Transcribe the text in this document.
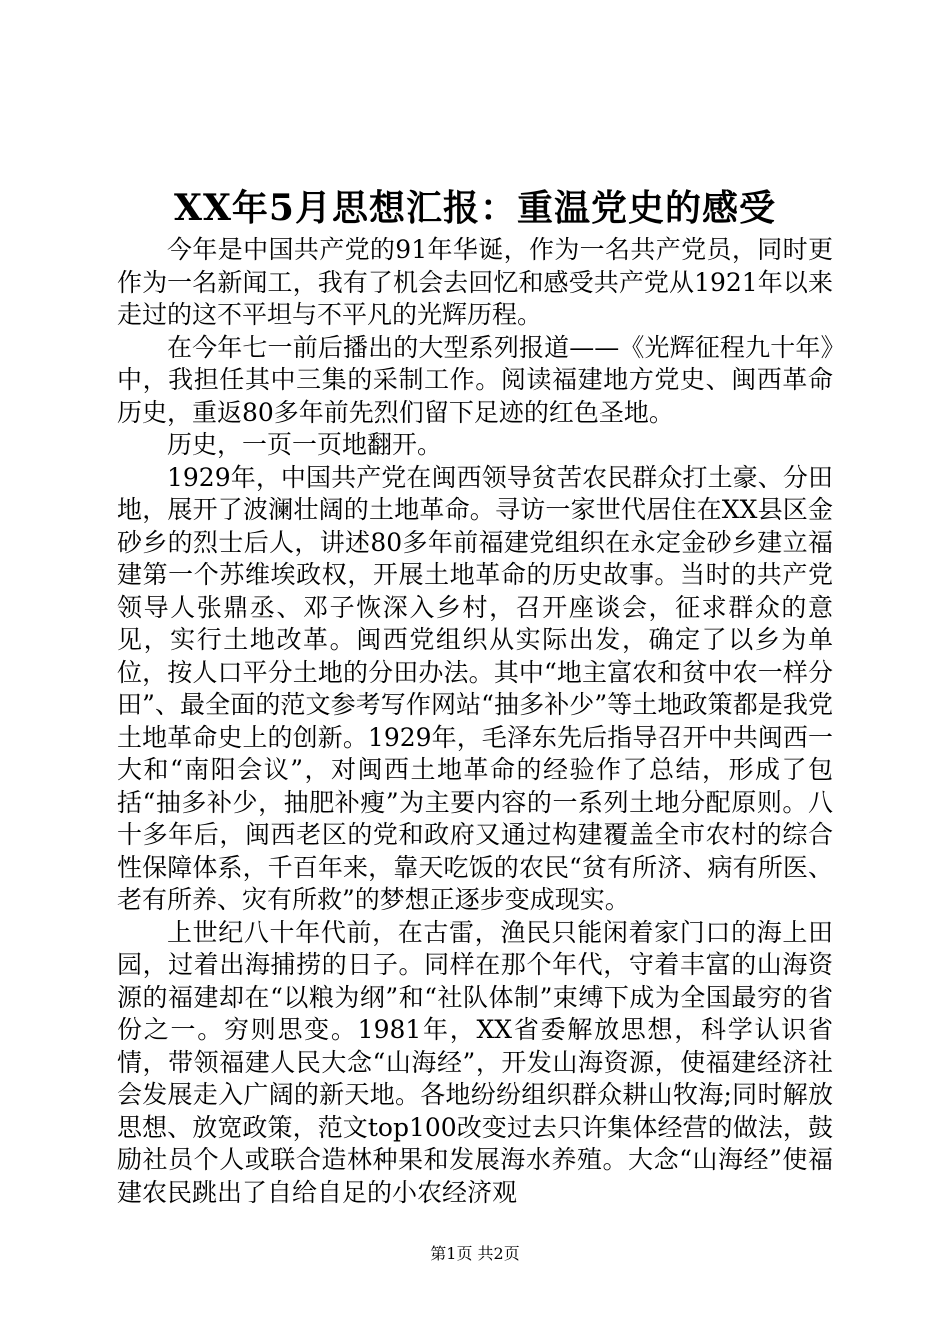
XX年5月思想汇报：重温党史的感受

今年是中国共产党的91年华诞，作为一名共产党员，同时更作为一名新闻工，我有了机会去回忆和感受共产党从1921年以来走过的这不平坦与不平凡的光辉历程。

在今年七一前后播出的大型系列报道——《光辉征程九十年》中，我担任其中三集的采制工作。阅读福建地方党史、闽西革命历史，重返80多年前先烈们留下足迹的红色圣地。

历史，一页一页地翻开。

1929年，中国共产党在闽西领导贫苦农民群众打土豪、分田地，展开了波澜壮阔的土地革命。寻访一家世代居住在XX县区金砂乡的烈士后人，讲述80多年前福建党组织在永定金砂乡建立福建第一个苏维埃政权，开展土地革命的历史故事。当时的共产党领导人张鼎丞、邓子恢深入乡村，召开座谈会，征求群众的意见，实行土地改革。闽西党组织从实际出发，确定了以乡为单位，按人口平分土地的分田办法。其中“地主富农和贫中农一样分田”、最全面的范文参考写作网站“抽多补少”等土地政策都是我党土地革命史上的创新。1929年，毛泽东先后指导召开中共闽西一大和“南阳会议”，对闽西土地革命的经验作了总结，形成了包括“抽多补少，抽肥补瘦”为主要内容的一系列土地分配原则。八十多年后，闽西老区的党和政府又通过构建覆盖全市农村的综合性保障体系，千百年来，靠天吃饭的农民“贫有所济、病有所医、老有所养、灾有所救”的梦想正逐步变成现实。

上世纪八十年代前，在古雷，渔民只能闲着家门口的海上田园，过着出海捕捞的日子。同样在那个年代，守着丰富的山海资源的福建却在“以粮为纲”和“社队体制”束缚下成为全国最穷的省份之一。穷则思变。1981年，XX省委解放思想，科学认识省情，带领福建人民大念“山海经”，开发山海资源，使福建经济社会发展走入广阔的新天地。各地纷纷组织群众耕山牧海;同时解放思想、放宽政策，范文top100改变过去只许集体经营的做法，鼓励社员个人或联合造林种果和发展海水养殖。大念“山海经”使福建农民跳出了自给自足的小农经济观

第1页 共2页
